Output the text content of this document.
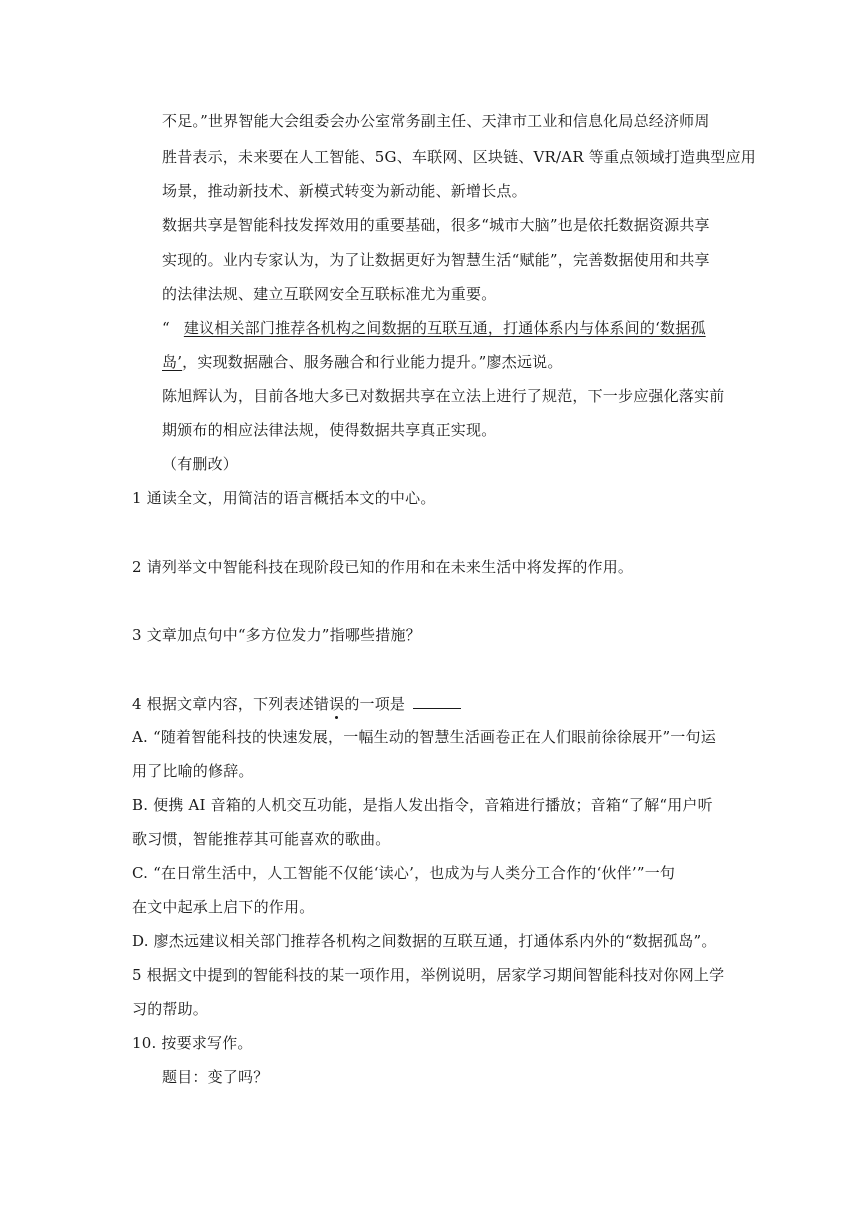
不足。”世界智能大会组委会办公室常务副主任、天津市工业和信息化局总经济师周
胜昔表示，未来要在人工智能、5G、车联网、区块链、VR/AR 等重点领域打造典型应用
场景，推动新技术、新模式转变为新动能、新增长点。
数据共享是智能科技发挥效用的重要基础，很多“城市大脑”也是依托数据资源共享
实现的。业内专家认为，为了让数据更好为智慧生活“赋能”，完善数据使用和共享
的法律法规、建立互联网安全互联标准尤为重要。
“ 建议相关部门推荐各机构之间数据的互联互通，打通体系内与体系间的‘数据孤
岛’，实现数据融合、服务融合和行业能力提升。”廖杰远说。
陈旭辉认为，目前各地大多已对数据共享在立法上进行了规范，下一步应强化落实前
期颁布的相应法律法规，使得数据共享真正实现。
（有删改）
1 通读全文，用简洁的语言概括本文的中心。
2 请列举文中智能科技在现阶段已知的作用和在未来生活中将发挥的作用。
3 文章加点句中“多方位发力”指哪些措施？
4 根据文章内容，下列表述错误的一项是
A. “随着智能科技的快速发展，一幅生动的智慧生活画卷正在人们眼前徐徐展开”一句运
用了比喻的修辞。
B. 便携 AI 音箱的人机交互功能，是指人发出指令，音箱进行播放；音箱“了解“用户听
歌习惯，智能推荐其可能喜欢的歌曲。
C. “在日常生活中，人工智能不仅能‘读心’，也成为与人类分工合作的‘伙伴’”一句
在文中起承上启下的作用。
D. 廖杰远建议相关部门推荐各机构之间数据的互联互通，打通体系内外的“数据孤岛”。
5 根据文中提到的智能科技的某一项作用，举例说明，居家学习期间智能科技对你网上学
习的帮助。
10. 按要求写作。
题目：变了吗？
